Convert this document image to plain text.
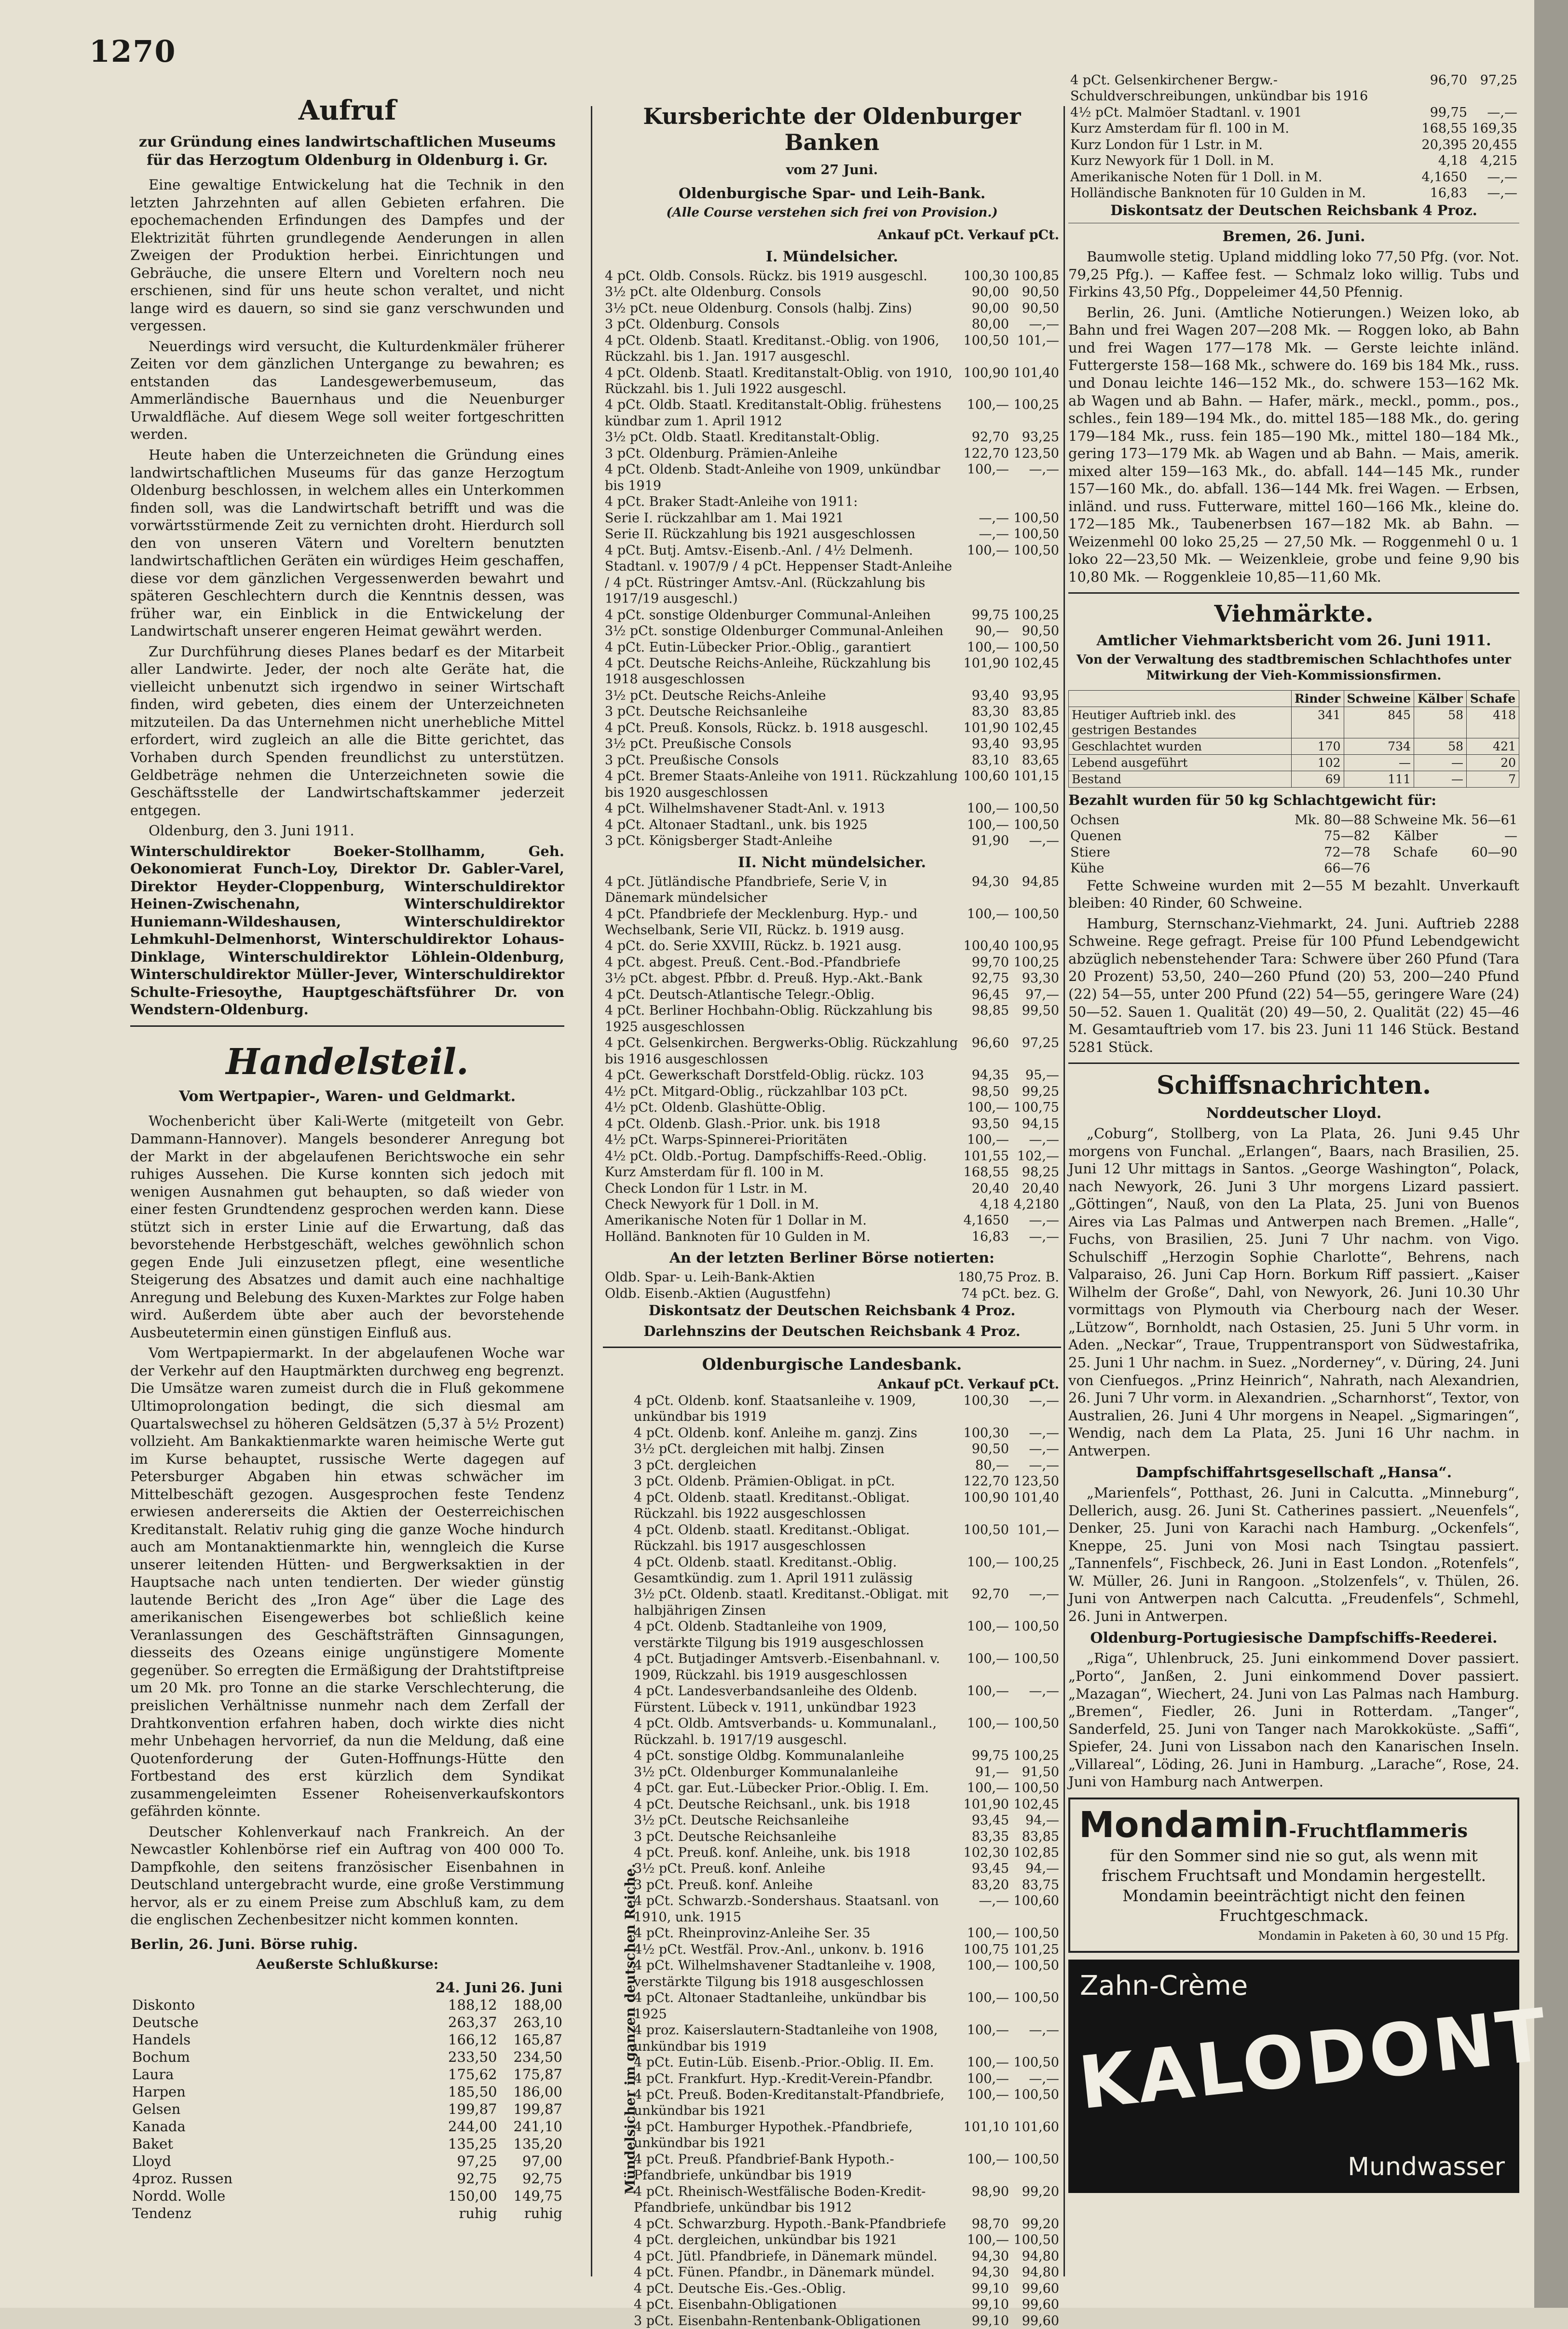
1270
Aufruf
zur Gründung eines landwirtschaftlichen Museums für das Herzogtum Oldenburg in Oldenburg i. Gr.

Eine gewaltige Entwickelung hat die Technik in den letzten Jahrzehnten auf allen Gebieten erfahren. Die epochemachenden Erfindungen des Dampfes und der Elektrizität führten grundlegende Aenderungen in allen Zweigen der Produktion herbei. Einrichtungen und Gebräuche, die unsere Eltern und Voreltern noch neu erschienen, sind für uns heute schon veraltet, und nicht lange wird es dauern, so sind sie ganz verschwunden und vergessen.

Neuerdings wird versucht, die Kulturdenkmäler früherer Zeiten vor dem gänzlichen Untergange zu bewahren; es entstanden das Landesgewerbemuseum, das Ammerländische Bauernhaus und die Neuenburger Urwaldfläche. Auf diesem Wege soll weiter fortgeschritten werden.

Heute haben die Unterzeichneten die Gründung eines landwirtschaftlichen Museums für das ganze Herzogtum Oldenburg beschlossen, in welchem alles ein Unterkommen finden soll, was die Landwirtschaft betrifft und was die vorwärtsstürmende Zeit zu vernichten droht. Hierdurch soll den von unseren Vätern und Voreltern benutzten landwirtschaftlichen Geräten ein würdiges Heim geschaffen, diese vor dem gänzlichen Vergessenwerden bewahrt und späteren Geschlechtern durch die Kenntnis dessen, was früher war, ein Einblick in die Entwickelung der Landwirtschaft unserer engeren Heimat gewährt werden.

Zur Durchführung dieses Planes bedarf es der Mitarbeit aller Landwirte. Jeder, der noch alte Geräte hat, die vielleicht unbenutzt sich irgendwo in seiner Wirtschaft finden, wird gebeten, dies einem der Unterzeichneten mitzuteilen. Da das Unternehmen nicht unerhebliche Mittel erfordert, wird zugleich an alle die Bitte gerichtet, das Vorhaben durch Spenden freundlichst zu unterstützen. Geldbeträge nehmen die Unterzeichneten sowie die Geschäftsstelle der Landwirtschaftskammer jederzeit entgegen.

Oldenburg, den 3. Juni 1911.

Winterschuldirektor Boeker-Stollhamm, Geh. Oekonomierat Funch-Loy, Direktor Dr. Gabler-Varel, Direktor Heyder-Cloppenburg, Winterschuldirektor Heinen-Zwischenahn, Winterschuldirektor Huniemann-Wildeshausen, Winterschuldirektor Lehmkuhl-Delmenhorst, Winterschuldirektor Lohaus-Dinklage, Winterschuldirektor Löhlein-Oldenburg, Winterschuldirektor Müller-Jever, Winterschuldirektor Schulte-Friesoythe, Hauptgeschäftsführer Dr. von Wendstern-Oldenburg.

Handelsteil.
Vom Wertpapier-, Waren- und Geldmarkt.

Wochenbericht über Kali-Werte (mitgeteilt von Gebr. Dammann-Hannover). Mangels besonderer Anregung bot der Markt in der abgelaufenen Berichtswoche ein sehr ruhiges Aussehen. Die Kurse konnten sich jedoch mit wenigen Ausnahmen gut behaupten, so daß wieder von einer festen Grundtendenz gesprochen werden kann. Diese stützt sich in erster Linie auf die Erwartung, daß das bevorstehende Herbstgeschäft, welches gewöhnlich schon gegen Ende Juli einzusetzen pflegt, eine wesentliche Steigerung des Absatzes und damit auch eine nachhaltige Anregung und Belebung des Kuxen-Marktes zur Folge haben wird. Außerdem übte aber auch der bevorstehende Ausbeutetermin einen günstigen Einfluß aus.

Vom Wertpapiermarkt. In der abgelaufenen Woche war der Verkehr auf den Hauptmärkten durchweg eng begrenzt. Die Umsätze waren zumeist durch die in Fluß gekommene Ultimoprolongation bedingt, die sich diesmal am Quartalswechsel zu höheren Geldsätzen (5,37 à 5½ Prozent) vollzieht. Am Bankaktienmarkte waren heimische Werte gut im Kurse behauptet, russische Werte dagegen auf Petersburger Abgaben hin etwas schwächer im Mittelbeschäft gezogen. Ausgesprochen feste Tendenz erwiesen andererseits die Aktien der Oesterreichischen Kreditanstalt. Relativ ruhig ging die ganze Woche hindurch auch am Montanaktienmarkte hin, wenngleich die Kurse unserer leitenden Hütten- und Bergwerksaktien in der Hauptsache nach unten tendierten. Der wieder günstig lautende Bericht des „Iron Age“ über die Lage des amerikanischen Eisengewerbes bot schließlich keine Veranlassungen des Geschäftsträften Ginnsagungen, diesseits des Ozeans einige ungünstigere Momente gegenüber. So erregten die Ermäßigung der Drahtstiftpreise um 20 Mk. pro Tonne an die starke Verschlechterung, die preislichen Verhältnisse nunmehr nach dem Zerfall der Drahtkonvention erfahren haben, doch wirkte dies nicht mehr Unbehagen hervorrief, da nun die Meldung, daß eine Quotenforderung der Guten-Hoffnungs-Hütte den Fortbestand des erst kürzlich dem Syndikat zusammengeleimten Essener Roheisenverkaufskontors gefährden könnte.

Deutscher Kohlenverkauf nach Frankreich. An der Newcastler Kohlenbörse rief ein Auftrag von 400 000 To. Dampfkohle, den seitens französischer Eisenbahnen in Deutschland untergebracht wurde, eine große Verstimmung hervor, als er zu einem Preise zum Abschluß kam, zu dem die englischen Zechenbesitzer nicht kommen konnten.

Berlin, 26. Juni. Börse ruhig.

Aeußerste Schlußkurse:
	24. Juni	26. Juni
Diskonto	188,12	188,00
Deutsche	263,37	263,10
Handels	166,12	165,87
Bochum	233,50	234,50
Laura	175,62	175,87
Harpen	185,50	186,00
Gelsen	199,87	199,87
Kanada	244,00	241,10
Baket	135,25	135,20
Lloyd	97,25	97,00
4proz. Russen	92,75	92,75
Nordd. Wolle	150,00	149,75
Tendenz	ruhig	ruhig
Kursberichte der Oldenburger Banken
vom 27 Juni.
Oldenburgische Spar- und Leih-Bank.
(Alle Course verstehen sich frei von Provision.)
	Ankauf pCt.	Verkauf pCt.
I. Mündelsicher.
4 pCt. Oldb. Consols. Rückz. bis 1919 ausgeschl.	100,30	100,85
3½ pCt. alte Oldenburg. Consols	90,00	90,50
3½ pCt. neue Oldenburg. Consols (halbj. Zins)	90,00	90,50
3 pCt. Oldenburg. Consols	80,00	—,—
4 pCt. Oldenb. Staatl. Kreditanst.-Oblig. von 1906, Rückzahl. bis 1. Jan. 1917 ausgeschl.	100,50	101,—
4 pCt. Oldenb. Staatl. Kreditanstalt-Oblig. von 1910, Rückzahl. bis 1. Juli 1922 ausgeschl.	100,90	101,40
4 pCt. Oldb. Staatl. Kreditanstalt-Oblig. frühestens kündbar zum 1. April 1912	100,—	100,25
3½ pCt. Oldb. Staatl. Kreditanstalt-Oblig.	92,70	93,25
3 pCt. Oldenburg. Prämien-Anleihe	122,70	123,50
4 pCt. Oldenb. Stadt-Anleihe von 1909, unkündbar bis 1919	100,—	—,—
4 pCt. Braker Stadt-Anleihe von 1911:		
Serie I. rückzahlbar am 1. Mai 1921	—,—	100,50
Serie II. Rückzahlung bis 1921 ausgeschlossen	—,—	100,50
4 pCt. Butj. Amtsv.-Eisenb.-Anl. / 4½ Delmenh. Stadtanl. v. 1907/9 / 4 pCt. Heppenser Stadt-Anleihe / 4 pCt. Rüstringer Amtsv.-Anl. (Rückzahlung bis 1917/19 ausgeschl.)	100,—	100,50
4 pCt. sonstige Oldenburger Communal-Anleihen	99,75	100,25
3½ pCt. sonstige Oldenburger Communal-Anleihen	90,—	90,50
4 pCt. Eutin-Lübecker Prior.-Oblig., garantiert	100,—	100,50
4 pCt. Deutsche Reichs-Anleihe, Rückzahlung bis 1918 ausgeschlossen	101,90	102,45
3½ pCt. Deutsche Reichs-Anleihe	93,40	93,95
3 pCt. Deutsche Reichsanleihe	83,30	83,85
4 pCt. Preuß. Konsols, Rückz. b. 1918 ausgeschl.	101,90	102,45
3½ pCt. Preußische Consols	93,40	93,95
3 pCt. Preußische Consols	83,10	83,65
4 pCt. Bremer Staats-Anleihe von 1911. Rückzahlung bis 1920 ausgeschlossen	100,60	101,15
4 pCt. Wilhelmshavener Stadt-Anl. v. 1913	100,—	100,50
4 pCt. Altonaer Stadtanl., unk. bis 1925	100,—	100,50
3 pCt. Königsberger Stadt-Anleihe	91,90	—,—
II. Nicht mündelsicher.
4 pCt. Jütländische Pfandbriefe, Serie V, in Dänemark mündelsicher	94,30	94,85
4 pCt. Pfandbriefe der Mecklenburg. Hyp.- und Wechselbank, Serie VII, Rückz. b. 1919 ausg.	100,—	100,50
4 pCt. do. Serie XXVIII, Rückz. b. 1921 ausg.	100,40	100,95
4 pCt. abgest. Preuß. Cent.-Bod.-Pfandbriefe	99,70	100,25
3½ pCt. abgest. Pfbbr. d. Preuß. Hyp.-Akt.-Bank	92,75	93,30
4 pCt. Deutsch-Atlantische Telegr.-Oblig.	96,45	97,—
4 pCt. Berliner Hochbahn-Oblig. Rückzahlung bis 1925 ausgeschlossen	98,85	99,50
4 pCt. Gelsenkirchen. Bergwerks-Oblig. Rückzahlung bis 1916 ausgeschlossen	96,60	97,25
4 pCt. Gewerkschaft Dorstfeld-Oblig. rückz. 103	94,35	95,—
4½ pCt. Mitgard-Oblig., rückzahlbar 103 pCt.	98,50	99,25
4½ pCt. Oldenb. Glashütte-Oblig.	100,—	100,75
4 pCt. Oldenb. Glash.-Prior. unk. bis 1918	93,50	94,15
4½ pCt. Warps-Spinnerei-Prioritäten	100,—	—,—
4½ pCt. Oldb.-Portug. Dampfschiffs-Reed.-Oblig.	101,55	102,—
Kurz Amsterdam für fl. 100 in M.	168,55	98,25
Check London für 1 Lstr. in M.	20,40	20,40
Check Newyork für 1 Doll. in M.	4,18	4,2180
Amerikanische Noten für 1 Dollar in M.	4,1650	—,—
Holländ. Banknoten für 10 Gulden in M.	16,83	—,—
An der letzten Berliner Börse notierten:
Oldb. Spar- u. Leih-Bank-Aktien	180,75 Proz. B.
Oldb. Eisenb.-Aktien (Augustfehn)	74 pCt. bez. G.

Diskontsatz der Deutschen Reichsbank 4 Proz.

Darlehnszins der Deutschen Reichsbank 4 Proz.

Oldenburgische Landesbank.
	Ankauf pCt.	Verkauf pCt.
4 pCt. Oldenb. konf. Staatsanleihe v. 1909, unkündbar bis 1919	100,30	—,—
4 pCt. Oldenb. konf. Anleihe m. ganzj. Zins	100,30	—,—
3½ pCt. dergleichen mit halbj. Zinsen	90,50	—,—
3 pCt. dergleichen	80,—	—,—
3 pCt. Oldenb. Prämien-Obligat. in pCt.	122,70	123,50
4 pCt. Oldenb. staatl. Kreditanst.-Obligat. Rückzahl. bis 1922 ausgeschlossen	100,90	101,40
4 pCt. Oldenb. staatl. Kreditanst.-Obligat. Rückzahl. bis 1917 ausgeschlossen	100,50	101,—
4 pCt. Oldenb. staatl. Kreditanst.-Oblig. Gesamtkündig. zum 1. April 1911 zulässig	100,—	100,25
3½ pCt. Oldenb. staatl. Kreditanst.-Obligat. mit halbjährigen Zinsen	92,70	—,—
4 pCt. Oldenb. Stadtanleihe von 1909, verstärkte Tilgung bis 1919 ausgeschlossen	100,—	100,50
4 pCt. Butjadinger Amtsverb.-Eisenbahnanl. v. 1909, Rückzahl. bis 1919 ausgeschlossen	100,—	100,50
4 pCt. Landesverbandsanleihe des Oldenb. Fürstent. Lübeck v. 1911, unkündbar 1923	100,—	—,—
4 pCt. Oldb. Amtsverbands- u. Kommunalanl., Rückzahl. b. 1917/19 ausgeschl.	100,—	100,50
4 pCt. sonstige Oldbg. Kommunalanleihe	99,75	100,25
3½ pCt. Oldenburger Kommunalanleihe	91,—	91,50
4 pCt. gar. Eut.-Lübecker Prior.-Oblig. I. Em.	100,—	100,50
4 pCt. Deutsche Reichsanl., unk. bis 1918	101,90	102,45
3½ pCt. Deutsche Reichsanleihe	93,45	94,—
3 pCt. Deutsche Reichsanleihe	83,35	83,85
4 pCt. Preuß. konf. Anleihe, unk. bis 1918	102,30	102,85
3½ pCt. Preuß. konf. Anleihe	93,45	94,—
3 pCt. Preuß. konf. Anleihe	83,20	83,75
4 pCt. Schwarzb.-Sondershaus. Staatsanl. von 1910, unk. 1915	—,—	100,60
4 pCt. Rheinprovinz-Anleihe Ser. 35	100,—	100,50
4½ pCt. Westfäl. Prov.-Anl., unkonv. b. 1916	100,75	101,25
4 pCt. Wilhelmshavener Stadtanleihe v. 1908, verstärkte Tilgung bis 1918 ausgeschlossen	100,—	100,50
4 pCt. Altonaer Stadtanleihe, unkündbar bis 1925	100,—	100,50
4 proz. Kaiserslautern-Stadtanleihe von 1908, unkündbar bis 1919	100,—	—,—
4 pCt. Eutin-Lüb. Eisenb.-Prior.-Oblig. II. Em.	100,—	100,50
4 pCt. Frankfurt. Hyp.-Kredit-Verein-Pfandbr.	100,—	—,—
4 pCt. Preuß. Boden-Kreditanstalt-Pfandbriefe, unkündbar bis 1921	100,—	100,50
4 pCt. Hamburger Hypothek.-Pfandbriefe, unkündbar bis 1921	101,10	101,60
4 pCt. Preuß. Pfandbrief-Bank Hypoth.-Pfandbriefe, unkündbar bis 1919	100,—	100,50
4 pCt. Rheinisch-Westfälische Boden-Kredit-Pfandbriefe, unkündbar bis 1912	98,90	99,20
4 pCt. Schwarzburg. Hypoth.-Bank-Pfandbriefe	98,70	99,20
4 pCt. dergleichen, unkündbar bis 1921	100,—	100,50
4 pCt. Jütl. Pfandbriefe, in Dänemark mündel.	94,30	94,80
4 pCt. Fünen. Pfandbr., in Dänemark mündel.	94,30	94,80
4 pCt. Deutsche Eis.-Ges.-Oblig.	99,10	99,60
4 pCt. Eisenbahn-Obligationen	99,10	99,60
3 pCt. Eisenbahn-Rentenbank-Obligationen	99,10	99,60
Mündelsicher im ganzen deutschen Reiche.
4 pCt. Gelsenkirchener Bergw.-Schuldverschreibungen, unkündbar bis 1916	96,70	97,25
4½ pCt. Malmöer Stadtanl. v. 1901	99,75	—,—
Kurz Amsterdam für fl. 100 in M.	168,55	169,35
Kurz London für 1 Lstr. in M.	20,395	20,455
Kurz Newyork für 1 Doll. in M.	4,18	4,215
Amerikanische Noten für 1 Doll. in M.	4,1650	—,—
Holländische Banknoten für 10 Gulden in M.	16,83	—,—

Diskontsatz der Deutschen Reichsbank 4 Proz.

Bremen, 26. Juni.

Baumwolle stetig. Upland middling loko 77,50 Pfg. (vor. Not. 79,25 Pfg.). — Kaffee fest. — Schmalz loko willig. Tubs und Firkins 43,50 Pfg., Doppeleimer 44,50 Pfennig.

Berlin, 26. Juni. (Amtliche Notierungen.) Weizen loko, ab Bahn und frei Wagen 207—208 Mk. — Roggen loko, ab Bahn und frei Wagen 177—178 Mk. — Gerste leichte inländ. Futtergerste 158—168 Mk., schwere do. 169 bis 184 Mk., russ. und Donau leichte 146—152 Mk., do. schwere 153—162 Mk. ab Wagen und ab Bahn. — Hafer, märk., meckl., pomm., pos., schles., fein 189—194 Mk., do. mittel 185—188 Mk., do. gering 179—184 Mk., russ. fein 185—190 Mk., mittel 180—184 Mk., gering 173—179 Mk. ab Wagen und ab Bahn. — Mais, amerik. mixed alter 159—163 Mk., do. abfall. 144—145 Mk., runder 157—160 Mk., do. abfall. 136—144 Mk. frei Wagen. — Erbsen, inländ. und russ. Futterware, mittel 160—166 Mk., kleine do. 172—185 Mk., Taubenerbsen 167—182 Mk. ab Bahn. — Weizenmehl 00 loko 25,25 — 27,50 Mk. — Roggenmehl 0 u. 1 loko 22—23,50 Mk. — Weizenkleie, grobe und feine 9,90 bis 10,80 Mk. — Roggenkleie 10,85—11,60 Mk.

Viehmärkte.
Amtlicher Viehmarktsbericht vom 26. Juni 1911.
Von der Verwaltung des stadtbremischen Schlachthofes unter Mitwirkung der Vieh-Kommissionsfirmen.
	Rinder	Schweine	Kälber	Schafe
Heutiger Auftrieb inkl. des gestrigen Bestandes	341	845	58	418
Geschlachtet wurden	170	734	58	421
Lebend ausgeführt	102	—	—	20
Bestand	69	111	—	7

Bezahlt wurden für 50 kg Schlachtgewicht für:

Ochsen	Mk. 80—88	Schweine	Mk. 56—61
Quenen	75—82	Kälber	—
Stiere	72—78	Schafe	60—90
Kühe	66—76		

Fette Schweine wurden mit 2—55 M bezahlt. Unverkauft bleiben: 40 Rinder, 60 Schweine.

Hamburg, Sternschanz-Viehmarkt, 24. Juni. Auftrieb 2288 Schweine. Rege gefragt. Preise für 100 Pfund Lebendgewicht abzüglich nebenstehender Tara: Schwere über 260 Pfund (Tara 20 Prozent) 53,50, 240—260 Pfund (20) 53, 200—240 Pfund (22) 54—55, unter 200 Pfund (22) 54—55, geringere Ware (24) 50—52. Sauen 1. Qualität (20) 49—50, 2. Qualität (22) 45—46 M. Gesamtauftrieb vom 17. bis 23. Juni 11 146 Stück. Bestand 5281 Stück.

Schiffsnachrichten.
Norddeutscher Lloyd.

„Coburg“, Stollberg, von La Plata, 26. Juni 9.45 Uhr morgens von Funchal. „Erlangen“, Baars, nach Brasilien, 25. Juni 12 Uhr mittags in Santos. „George Washington“, Polack, nach Newyork, 26. Juni 3 Uhr morgens Lizard passiert. „Göttingen“, Nauß, von den La Plata, 25. Juni von Buenos Aires via Las Palmas und Antwerpen nach Bremen. „Halle“, Fuchs, von Brasilien, 25. Juni 7 Uhr nachm. von Vigo. Schulschiff „Herzogin Sophie Charlotte“, Behrens, nach Valparaiso, 26. Juni Cap Horn. Borkum Riff passiert. „Kaiser Wilhelm der Große“, Dahl, von Newyork, 26. Juni 10.30 Uhr vormittags von Plymouth via Cherbourg nach der Weser. „Lützow“, Bornholdt, nach Ostasien, 25. Juni 5 Uhr vorm. in Aden. „Neckar“, Traue, Truppentransport von Südwestafrika, 25. Juni 1 Uhr nachm. in Suez. „Norderney“, v. Düring, 24. Juni von Cienfuegos. „Prinz Heinrich“, Nahrath, nach Alexandrien, 26. Juni 7 Uhr vorm. in Alexandrien. „Scharnhorst“, Textor, von Australien, 26. Juni 4 Uhr morgens in Neapel. „Sigmaringen“, Wendig, nach dem La Plata, 25. Juni 16 Uhr nachm. in Antwerpen.

Dampfschiffahrtsgesellschaft „Hansa“.

„Marienfels“, Potthast, 26. Juni in Calcutta. „Minneburg“, Dellerich, ausg. 26. Juni St. Catherines passiert. „Neuenfels“, Denker, 25. Juni von Karachi nach Hamburg. „Ockenfels“, Kneppe, 25. Juni von Mosi nach Tsingtau passiert. „Tannenfels“, Fischbeck, 26. Juni in East London. „Rotenfels“, W. Müller, 26. Juni in Rangoon. „Stolzenfels“, v. Thülen, 26. Juni von Antwerpen nach Calcutta. „Freudenfels“, Schmehl, 26. Juni in Antwerpen.

Oldenburg-Portugiesische Dampfschiffs-Reederei.

„Riga“, Uhlenbruck, 25. Juni einkommend Dover passiert. „Porto“, Janßen, 2. Juni einkommend Dover passiert. „Mazagan“, Wiechert, 24. Juni von Las Palmas nach Hamburg. „Bremen“, Fiedler, 26. Juni in Rotterdam. „Tanger“, Sanderfeld, 25. Juni von Tanger nach Marokkoküste. „Saffi“, Spiefer, 24. Juni von Lissabon nach den Kanarischen Inseln. „Villareal“, Löding, 26. Juni in Hamburg. „Larache“, Rose, 24. Juni von Hamburg nach Antwerpen.

Mondamin-Fruchtflammeris

für den Sommer sind nie so gut, als wenn mit frischem Fruchtsaft und Mondamin hergestellt. Mondamin beeinträchtigt nicht den feinen Fruchtgeschmack.

Mondamin in Paketen à 60, 30 und 15 Pfg.

Zahn-Crème
KALODONT
Mundwasser
